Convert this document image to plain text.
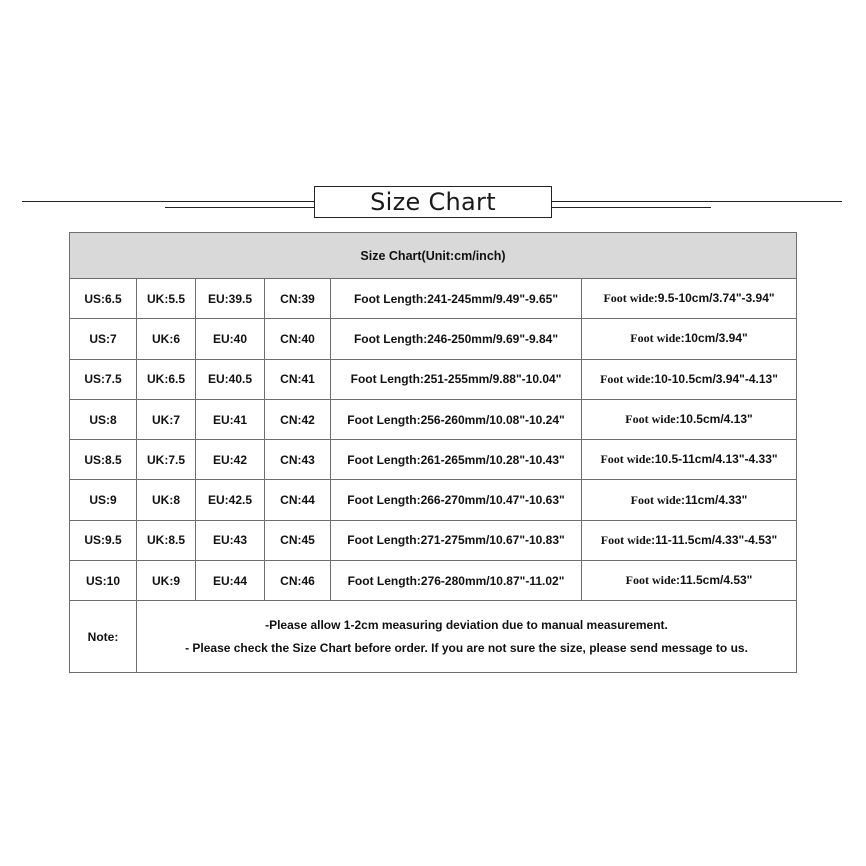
Size Chart
Size Chart(Unit:cm/inch)					
US:6.5	UK:5.5	EU:39.5	CN:39	Foot Length:241-245mm/9.49"-9.65"	Foot wide:9.5-10cm/3.74"-3.94"
US:7	UK:6	EU:40	CN:40	Foot Length:246-250mm/9.69"-9.84"	Foot wide:10cm/3.94"
US:7.5	UK:6.5	EU:40.5	CN:41	Foot Length:251-255mm/9.88"-10.04"	Foot wide:10-10.5cm/3.94"-4.13"
US:8	UK:7	EU:41	CN:42	Foot Length:256-260mm/10.08"-10.24"	Foot wide:10.5cm/4.13"
US:8.5	UK:7.5	EU:42	CN:43	Foot Length:261-265mm/10.28"-10.43"	Foot wide:10.5-11cm/4.13"-4.33"
US:9	UK:8	EU:42.5	CN:44	Foot Length:266-270mm/10.47"-10.63"	Foot wide:11cm/4.33"
US:9.5	UK:8.5	EU:43	CN:45	Foot Length:271-275mm/10.67"-10.83"	Foot wide:11-11.5cm/4.33"-4.53"
US:10	UK:9	EU:44	CN:46	Foot Length:276-280mm/10.87"-11.02"	Foot wide:11.5cm/4.53"
Note:	-Please allow 1-2cm measuring deviation due to manual measurement.
- Please check the Size Chart before order. If you are not sure the size, please send message to us.				
